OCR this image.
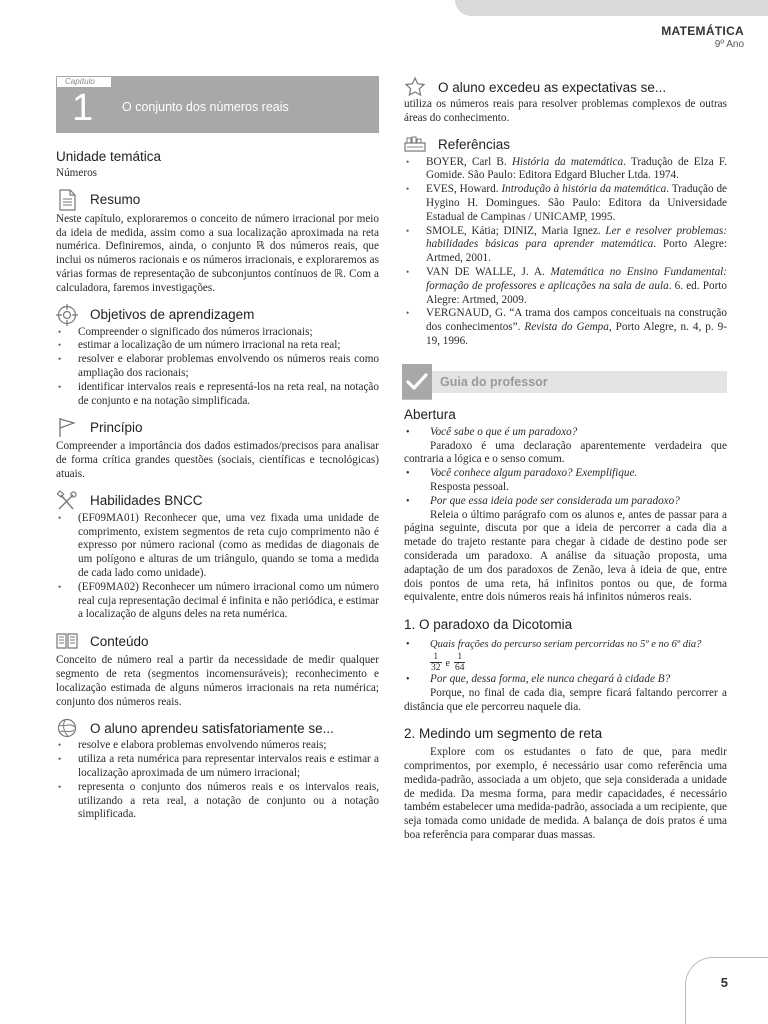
MATEMÁTICA
9º Ano
Capítulo
1 O conjunto dos números reais
Unidade temática

Números

Resumo

Neste capítulo, exploraremos o conceito de número irracional por meio da ideia de medida, assim como a sua localização aproximada na reta numérica. Definiremos, ainda, o conjunto ℝ dos números reais, que inclui os números racionais e os números irracionais, e exploraremos as várias formas de representação de subconjuntos contínuos de ℝ. Com a calculadora, faremos investigações.

Objetivos de aprendizagem
• Compreender o significado dos números irracionais;
• estimar a localização de um número irracional na reta real;
• resolver e elaborar problemas envolvendo os números reais como ampliação dos racionais;
• identificar intervalos reais e representá-los na reta real, na notação de conjunto e na notação simplificada.
Princípio

Compreender a importância dos dados estimados/precisos para analisar de forma crítica grandes questões (sociais, científicas e tecnológicas) atuais.

Habilidades BNCC
• (EF09MA01) Reconhecer que, uma vez fixada uma unidade de comprimento, existem segmentos de reta cujo comprimento não é expresso por número racional (como as medidas de diagonais de um polígono e alturas de um triângulo, quando se toma a medida de cada lado como unidade).
• (EF09MA02) Reconhecer um número irracional como um número real cuja representação decimal é infinita e não periódica, e estimar a localização de alguns deles na reta numérica.
Conteúdo

Conceito de número real a partir da necessidade de medir qualquer segmento de reta (segmentos incomensuráveis); reconhecimento e localização estimada de alguns números irracionais na reta numérica; conjunto dos números reais.

O aluno aprendeu satisfatoriamente se...
• resolve e elabora problemas envolvendo números reais;
• utiliza a reta numérica para representar intervalos reais e estimar a localização aproximada de um número irracional;
• representa o conjunto dos números reais e os intervalos reais, utilizando a reta real, a notação de conjunto ou a notação simplificada.
O aluno excedeu as expectativas se...

utiliza os números reais para resolver problemas complexos de outras áreas do conhecimento.

Referências
• BOYER, Carl B. História da matemática. Tradução de Elza F. Gomide. São Paulo: Editora Edgard Blucher Ltda. 1974.
• EVES, Howard. Introdução à história da matemática. Tradução de Hygino H. Domingues. São Paulo: Editora da Universidade Estadual de Campinas / UNICAMP, 1995.
• SMOLE, Kátia; DINIZ, Maria Ignez. Ler e resolver problemas: habilidades básicas para aprender matemática. Porto Alegre: Artmed, 2001.
• VAN DE WALLE, J. A. Matemática no Ensino Fundamental: formação de professores e aplicações na sala de aula. 6. ed. Porto Alegre: Artmed, 2009.
• VERGNAUD, G. “A trama dos campos conceituais na construção dos conhecimentos”. Revista do Gempa, Porto Alegre, n. 4, p. 9-19, 1996.
Guia do professor
Abertura
• Você sabe o que é um paradoxo?

Paradoxo é uma declaração aparentemente verdadeira que contraria a lógica e o senso comum.

• Você conhece algum paradoxo? Exemplifique.

Resposta pessoal.

• Por que essa ideia pode ser considerada um paradoxo?

Releia o último parágrafo com os alunos e, antes de passar para a página seguinte, discuta por que a ideia de percorrer a cada dia a metade do trajeto restante para chegar à cidade de destino pode ser considerada um paradoxo. A análise da situação proposta, uma adaptação de um dos paradoxos de Zenão, leva à ideia de que, entre dois pontos de uma reta, há infinitos pontos ou que, de forma equivalente, entre dois números reais há infinitos números reais.

1. O paradoxo da Dicotomia
• Quais frações do percurso seriam percorridas no 5º e no 6º dia?
$\frac{1}{32}$ e $\frac{1}{64}$
• Por que, dessa forma, ele nunca chegará à cidade B?

Porque, no final de cada dia, sempre ficará faltando percorrer a distância que ele percorreu naquele dia.

2. Medindo um segmento de reta

Explore com os estudantes o fato de que, para medir comprimentos, por exemplo, é necessário usar como referência uma medida-padrão, associada a um objeto, que seja considerada a unidade de medida. Da mesma forma, para medir capacidades, é necessário também estabelecer uma medida-padrão, associada a um recipiente, que seja tomada como unidade de medida. A balança de dois pratos é uma boa referência para comparar duas massas.

5
